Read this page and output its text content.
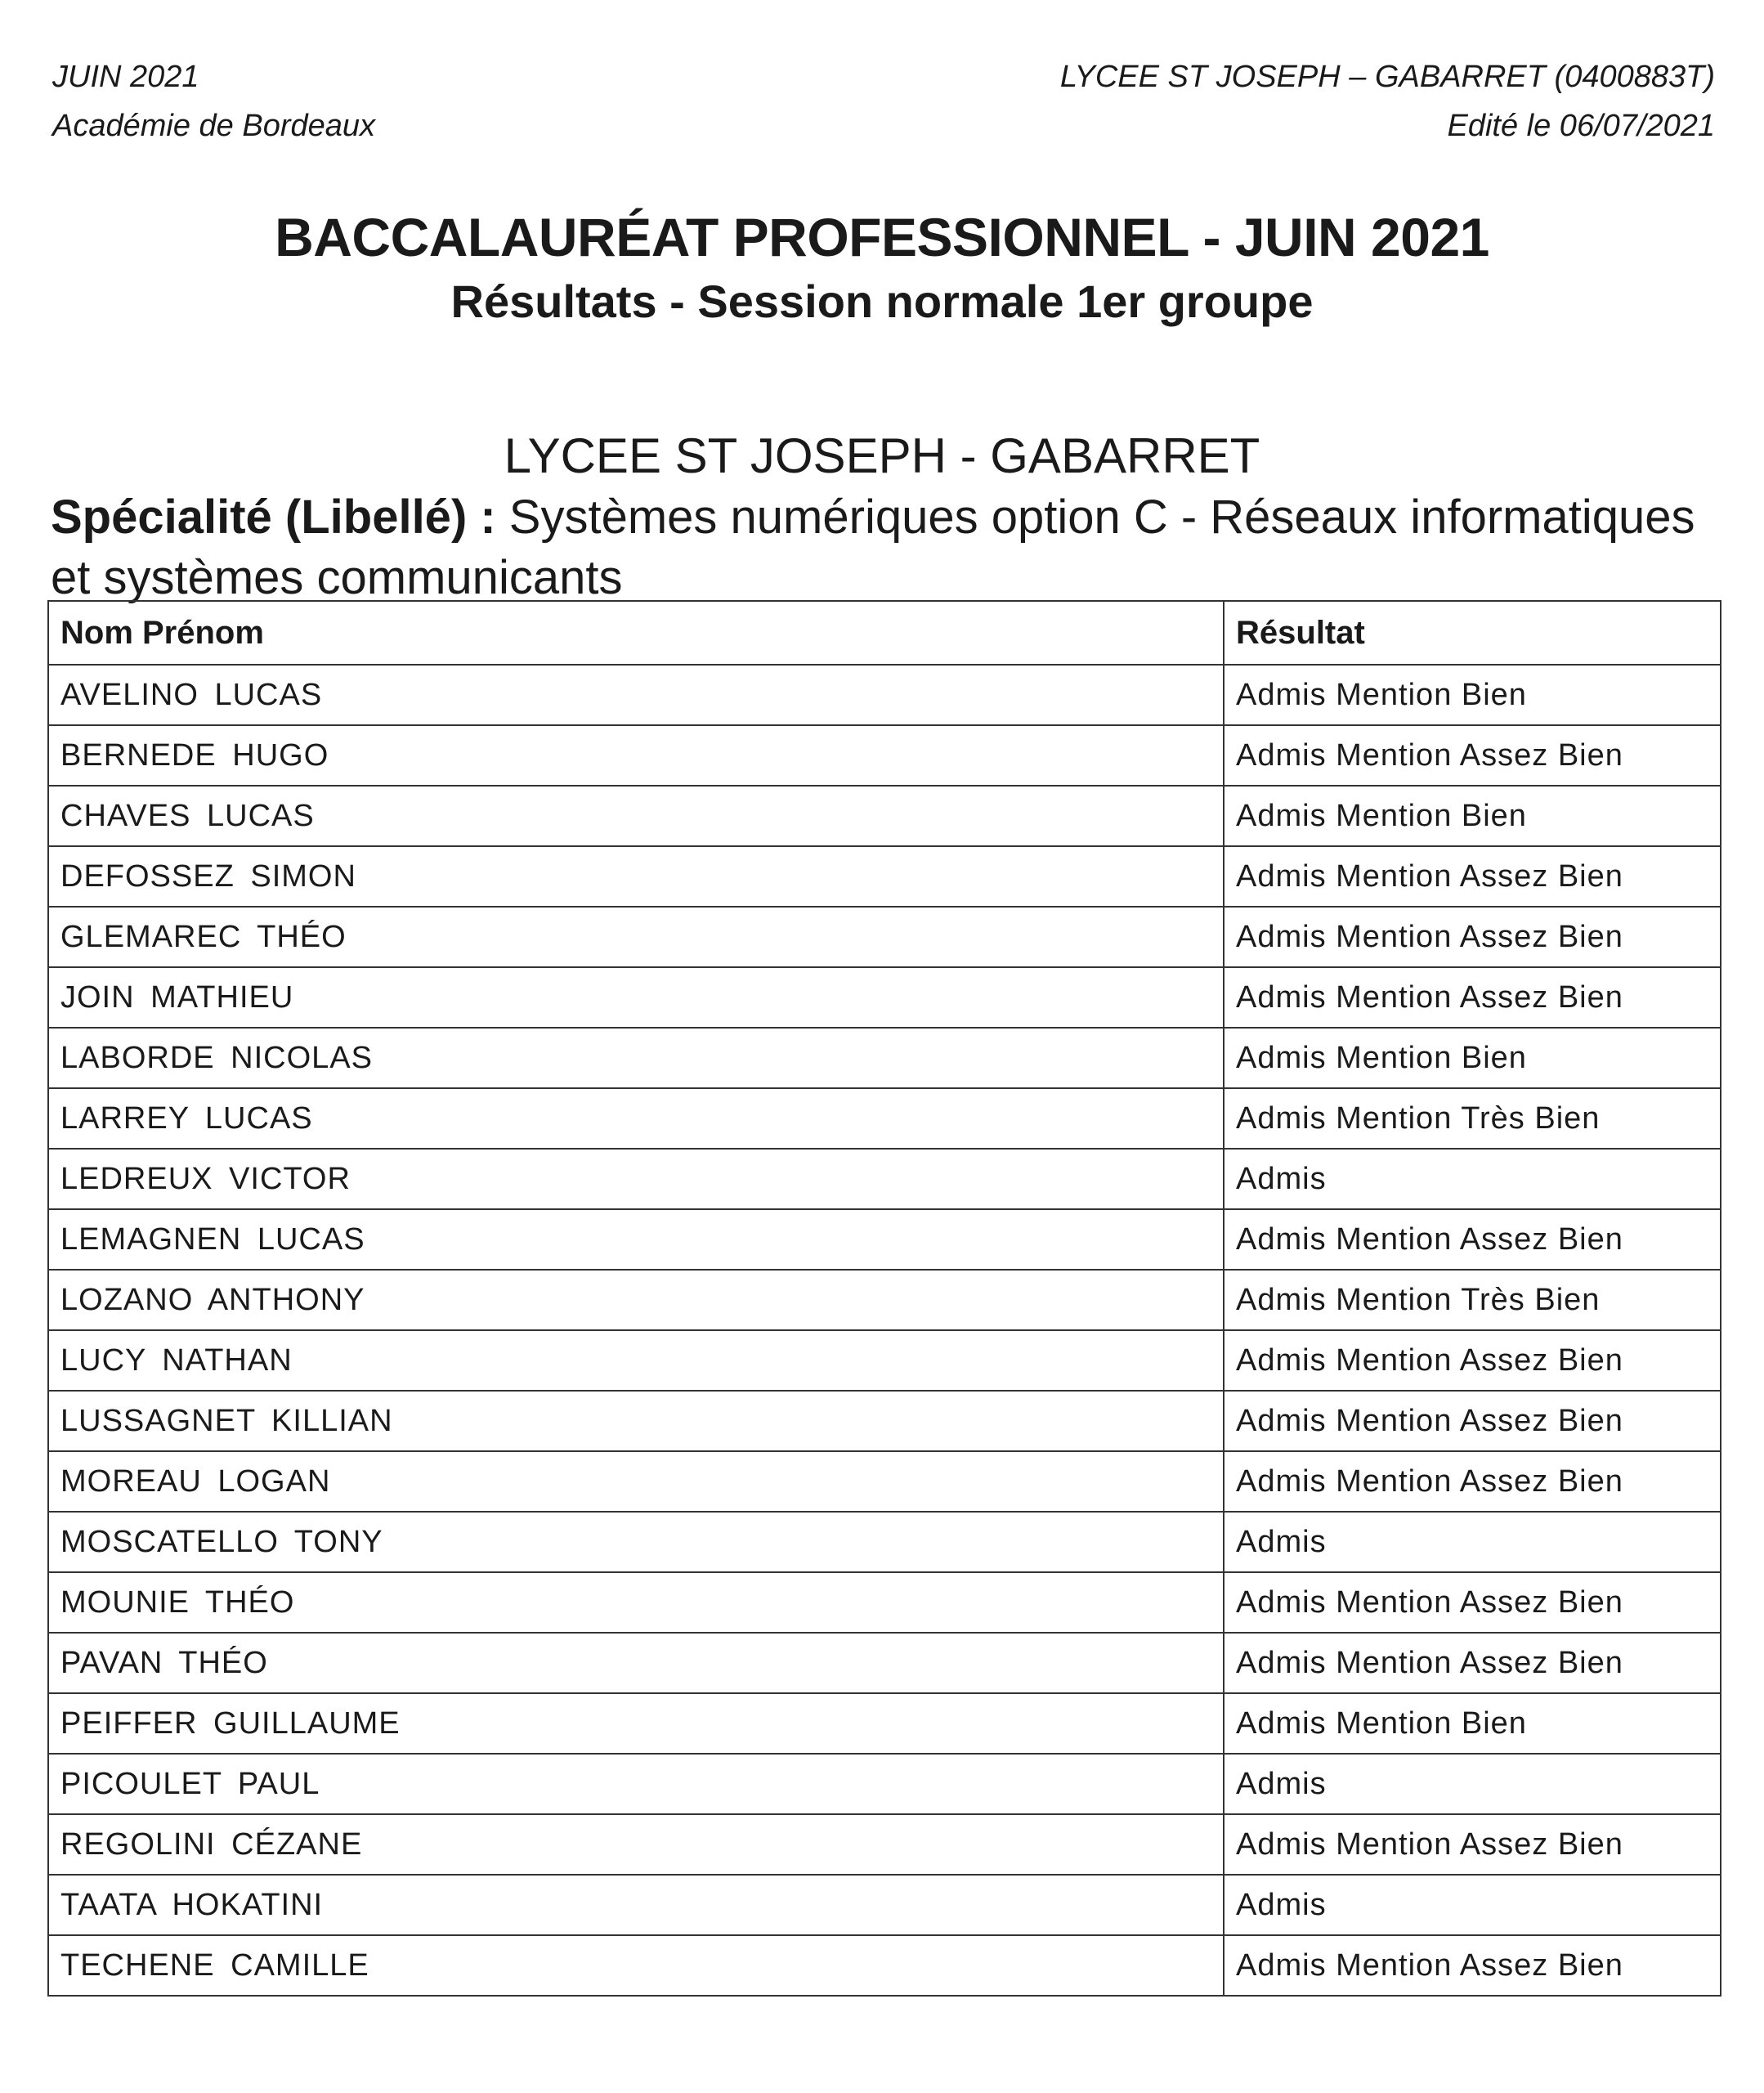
JUIN 2021
Académie de Bordeaux
LYCEE ST JOSEPH – GABARRET (0400883T)
Edité le 06/07/2021
BACCALAURÉAT PROFESSIONNEL - JUIN 2021
Résultats - Session normale 1er groupe
LYCEE ST JOSEPH - GABARRET
Spécialité (Libellé) : Systèmes numériques option C - Réseaux informatiques et systèmes communicants
Nom Prénom	Résultat
AVELINO LUCAS	Admis Mention Bien
BERNEDE HUGO	Admis Mention Assez Bien
CHAVES LUCAS	Admis Mention Bien
DEFOSSEZ SIMON	Admis Mention Assez Bien
GLEMAREC THÉO	Admis Mention Assez Bien
JOIN MATHIEU	Admis Mention Assez Bien
LABORDE NICOLAS	Admis Mention Bien
LARREY LUCAS	Admis Mention Très Bien
LEDREUX VICTOR	Admis
LEMAGNEN LUCAS	Admis Mention Assez Bien
LOZANO ANTHONY	Admis Mention Très Bien
LUCY NATHAN	Admis Mention Assez Bien
LUSSAGNET KILLIAN	Admis Mention Assez Bien
MOREAU LOGAN	Admis Mention Assez Bien
MOSCATELLO TONY	Admis
MOUNIE THÉO	Admis Mention Assez Bien
PAVAN THÉO	Admis Mention Assez Bien
PEIFFER GUILLAUME	Admis Mention Bien
PICOULET PAUL	Admis
REGOLINI CÉZANE	Admis Mention Assez Bien
TAATA HOKATINI	Admis
TECHENE CAMILLE	Admis Mention Assez Bien
